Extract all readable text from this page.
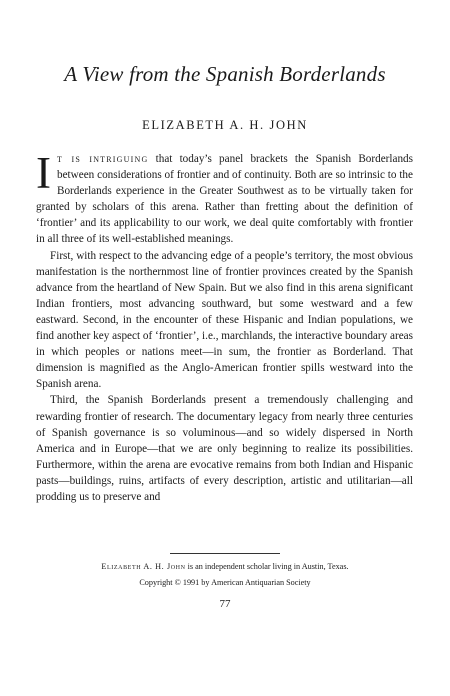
A View from the Spanish Borderlands

ELIZABETH A. H. JOHN

It is intriguing that today’s panel brackets the Spanish Borderlands between considerations of frontier and of continuity. Both are so intrinsic to the Borderlands experience in the Greater Southwest as to be virtually taken for granted by scholars of this arena. Rather than fretting about the definition of ‘frontier’ and its applicability to our work, we deal quite comfortably with frontier in all three of its well-established meanings.

First, with respect to the advancing edge of a people’s territory, the most obvious manifestation is the northernmost line of frontier provinces created by the Spanish advance from the heartland of New Spain. But we also find in this arena significant Indian frontiers, most advancing southward, but some westward and a few eastward. Second, in the encounter of these Hispanic and Indian populations, we find another key aspect of ‘frontier’, i.e., marchlands, the interactive boundary areas in which peoples or nations meet—in sum, the frontier as Borderland. That dimension is magnified as the Anglo-American frontier spills westward into the Spanish arena.

Third, the Spanish Borderlands present a tremendously challenging and rewarding frontier of research. The documentary legacy from nearly three centuries of Spanish governance is so voluminous—and so widely dispersed in North America and in Europe—that we are only beginning to realize its possibilities. Furthermore, within the arena are evocative remains from both Indian and Hispanic pasts—buildings, ruins, artifacts of every description, artistic and utilitarian—all prodding us to preserve and

Elizabeth A. H. John is an independent scholar living in Austin, Texas.

Copyright © 1991 by American Antiquarian Society

77
